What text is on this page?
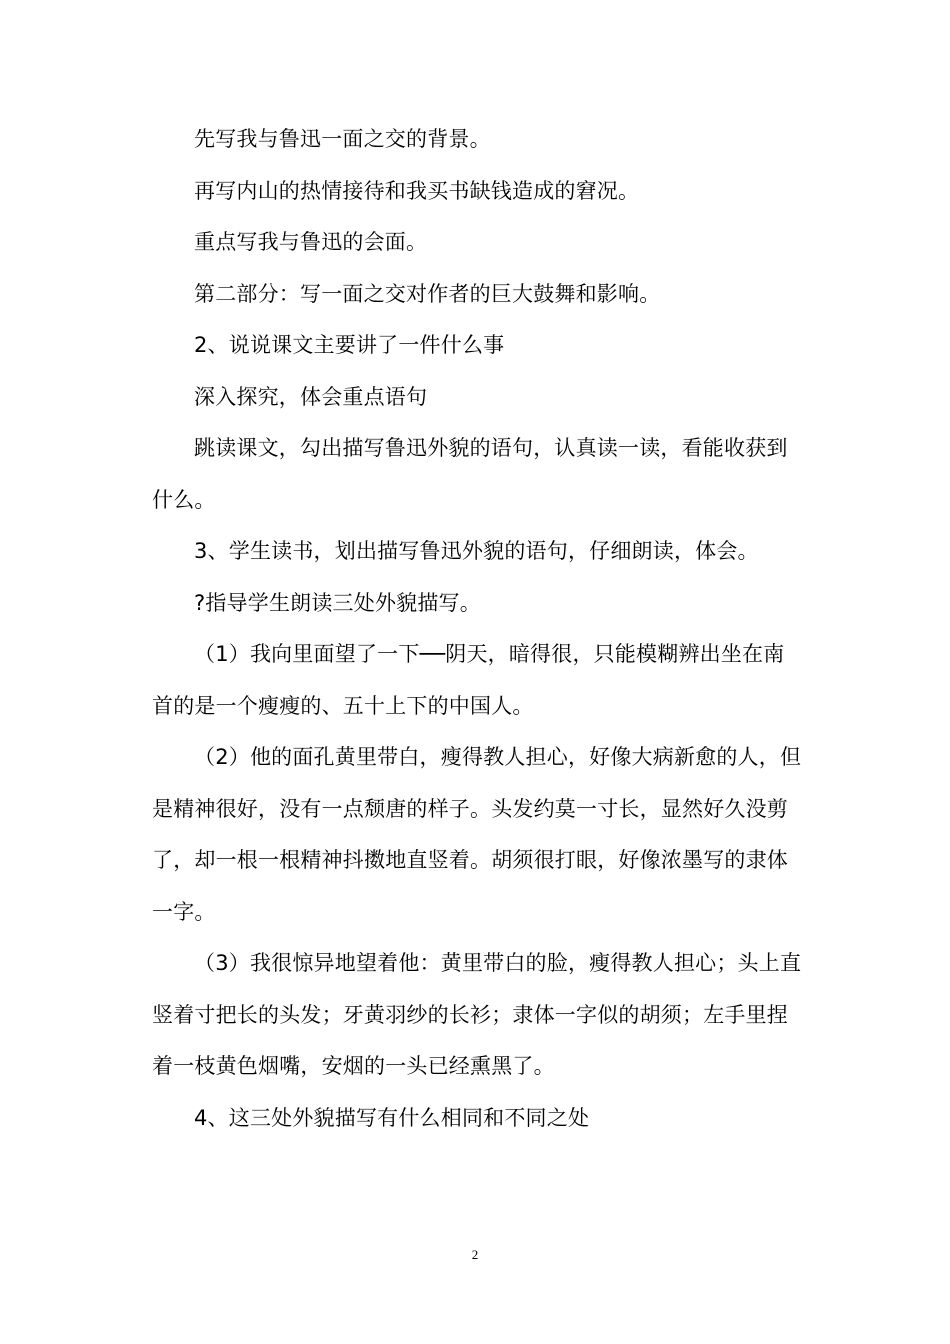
先写我与鲁迅一面之交的背景。

再写内山的热情接待和我买书缺钱造成的窘况。

重点写我与鲁迅的会面。

第二部分：写一面之交对作者的巨大鼓舞和影响。

2、说说课文主要讲了一件什么事

深入探究，体会重点语句

跳读课文，勾出描写鲁迅外貌的语句，认真读一读，看能收获到什么。

3、学生读书，划出描写鲁迅外貌的语句，仔细朗读，体会。

?指导学生朗读三处外貌描写。

（1）我向里面望了一下──阴天，暗得很，只能模糊辨出坐在南首的是一个瘦瘦的、五十上下的中国人。

（2）他的面孔黄里带白，瘦得教人担心，好像大病新愈的人，但是精神很好，没有一点颓唐的样子。头发约莫一寸长，显然好久没剪了，却一根一根精神抖擞地直竖着。胡须很打眼，好像浓墨写的隶体一字。

（3）我很惊异地望着他：黄里带白的脸，瘦得教人担心；头上直竖着寸把长的头发；牙黄羽纱的长衫；隶体一字似的胡须；左手里捏着一枝黄色烟嘴，安烟的一头已经熏黑了。

4、这三处外貌描写有什么相同和不同之处

2
